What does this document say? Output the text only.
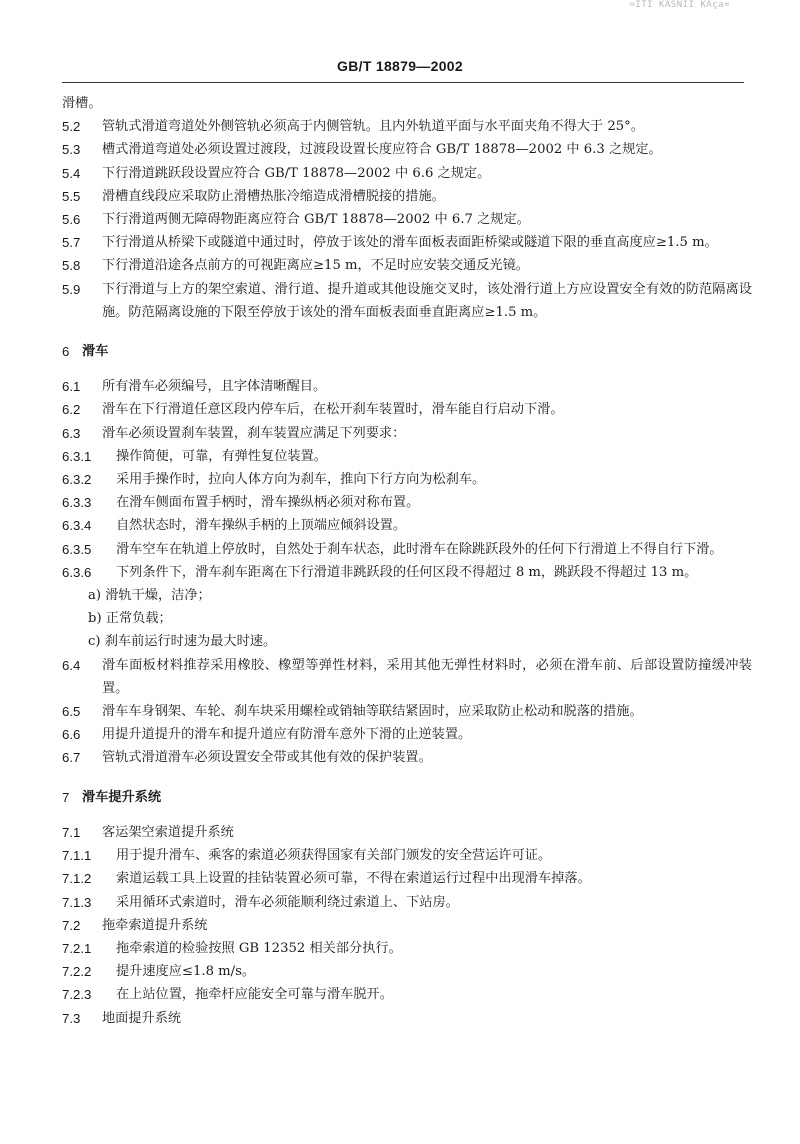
=ITI KASNII KAça=
GB/T 18879—2002
滑槽。
5.2	管轨式滑道弯道处外侧管轨必须高于内侧管轨。且内外轨道平面与水平面夹角不得大于 25°。
5.3	槽式滑道弯道处必须设置过渡段，过渡段设置长度应符合 GB/T 18878—2002 中 6.3 之规定。
5.4	下行滑道跳跃段设置应符合 GB/T 18878—2002 中 6.6 之规定。
5.5	滑槽直线段应采取防止滑槽热胀冷缩造成滑槽脱接的措施。
5.6	下行滑道两侧无障碍物距离应符合 GB/T 18878—2002 中 6.7 之规定。
5.7	下行滑道从桥梁下或隧道中通过时，停放于该处的滑车面板表面距桥梁或隧道下限的垂直高度应≥1.5 m。
5.8	下行滑道沿途各点前方的可视距离应≥15 m，不足时应安装交通反光镜。
5.9	下行滑道与上方的架空索道、滑行道、提升道或其他设施交叉时，该处滑行道上方应设置安全有效的防范隔离设施。防范隔离设施的下限至停放于该处的滑车面板表面垂直距离应≥1.5 m。
6 滑车
6.1	所有滑车必须编号，且字体清晰醒目。
6.2	滑车在下行滑道任意区段内停车后，在松开刹车装置时，滑车能自行启动下滑。
6.3	滑车必须设置刹车装置，刹车装置应满足下列要求：
6.3.1	操作简便，可靠，有弹性复位装置。
6.3.2	采用手操作时，拉向人体方向为刹车，推向下行方向为松刹车。
6.3.3	在滑车侧面布置手柄时，滑车操纵柄必须对称布置。
6.3.4	自然状态时，滑车操纵手柄的上顶端应倾斜设置。
6.3.5	滑车空车在轨道上停放时，自然处于刹车状态，此时滑车在除跳跃段外的任何下行滑道上不得自行下滑。
6.3.6	下列条件下，滑车刹车距离在下行滑道非跳跃段的任何区段不得超过 8 m，跳跃段不得超过 13 m。
a) 滑轨干燥，洁净；
b) 正常负载；
c) 刹车前运行时速为最大时速。
6.4	滑车面板材料推荐采用橡胶、橡塑等弹性材料，采用其他无弹性材料时，必须在滑车前、后部设置防撞缓冲装置。
6.5	滑车车身钢架、车轮、刹车块采用螺栓或销轴等联结紧固时，应采取防止松动和脱落的措施。
6.6	用提升道提升的滑车和提升道应有防滑车意外下滑的止逆装置。
6.7	管轨式滑道滑车必须设置安全带或其他有效的保护装置。
7 滑车提升系统
7.1	客运架空索道提升系统
7.1.1	用于提升滑车、乘客的索道必须获得国家有关部门颁发的安全营运许可证。
7.1.2	索道运载工具上设置的挂钻装置必须可靠，不得在索道运行过程中出现滑车掉落。
7.1.3	采用循环式索道时，滑车必须能顺利绕过索道上、下站房。
7.2	拖牵索道提升系统
7.2.1	拖牵索道的检验按照 GB 12352 相关部分执行。
7.2.2	提升速度应≤1.8 m/s。
7.2.3	在上站位置，拖牵杆应能安全可靠与滑车脱开。
7.3	地面提升系统
